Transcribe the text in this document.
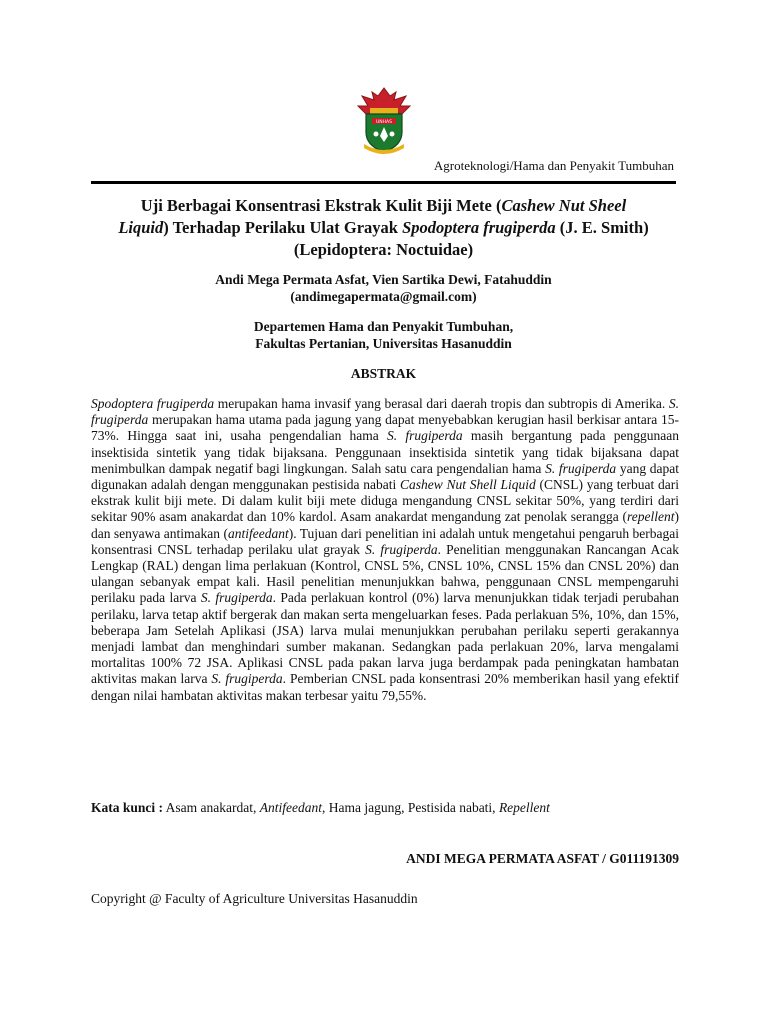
UNHAS
Agroteknologi/Hama dan Penyakit Tumbuhan
Uji Berbagai Konsentrasi Ekstrak Kulit Biji Mete (Cashew Nut Sheel
Liquid) Terhadap Perilaku Ulat Grayak Spodoptera frugiperda (J. E. Smith)
(Lepidoptera: Noctuidae)
Andi Mega Permata Asfat, Vien Sartika Dewi, Fatahuddin
(andimegapermata@gmail.com)
Departemen Hama dan Penyakit Tumbuhan,
Fakultas Pertanian, Universitas Hasanuddin
ABSTRAK

Spodoptera frugiperda merupakan hama invasif yang berasal dari daerah tropis dan subtropis di Amerika. S. frugiperda merupakan hama utama pada jagung yang dapat menyebabkan kerugian hasil berkisar antara 15-73%. Hingga saat ini, usaha pengendalian hama S. frugiperda masih bergantung pada penggunaan insektisida sintetik yang tidak bijaksana. Penggunaan insektisida sintetik yang tidak bijaksana dapat menimbulkan dampak negatif bagi lingkungan. Salah satu cara pengendalian hama S. frugiperda yang dapat digunakan adalah dengan menggunakan pestisida nabati Cashew Nut Shell Liquid (CNSL) yang terbuat dari ekstrak kulit biji mete. Di dalam kulit biji mete diduga mengandung CNSL sekitar 50%, yang terdiri dari sekitar 90% asam anakardat dan 10% kardol. Asam anakardat mengandung zat penolak serangga (repellent) dan senyawa antimakan (antifeedant). Tujuan dari penelitian ini adalah untuk mengetahui pengaruh berbagai konsentrasi CNSL terhadap perilaku ulat grayak S. frugiperda. Penelitian menggunakan Rancangan Acak Lengkap (RAL) dengan lima perlakuan (Kontrol, CNSL 5%, CNSL 10%, CNSL 15% dan CNSL 20%) dan ulangan sebanyak empat kali. Hasil penelitian menunjukkan bahwa, penggunaan CNSL mempengaruhi perilaku pada larva S. frugiperda. Pada perlakuan kontrol (0%) larva menunjukkan tidak terjadi perubahan perilaku, larva tetap aktif bergerak dan makan serta mengeluarkan feses. Pada perlakuan 5%, 10%, dan 15%, beberapa Jam Setelah Aplikasi (JSA) larva mulai menunjukkan perubahan perilaku seperti gerakannya menjadi lambat dan menghindari sumber makanan. Sedangkan pada perlakuan 20%, larva mengalami mortalitas 100% 72 JSA. Aplikasi CNSL pada pakan larva juga berdampak pada peningkatan hambatan aktivitas makan larva S. frugiperda. Pemberian CNSL pada konsentrasi 20% memberikan hasil yang efektif dengan nilai hambatan aktivitas makan terbesar yaitu 79,55%.

Kata kunci : Asam anakardat, Antifeedant, Hama jagung, Pestisida nabati, Repellent
ANDI MEGA PERMATA ASFAT / G011191309
Copyright @ Faculty of Agriculture Universitas Hasanuddin
